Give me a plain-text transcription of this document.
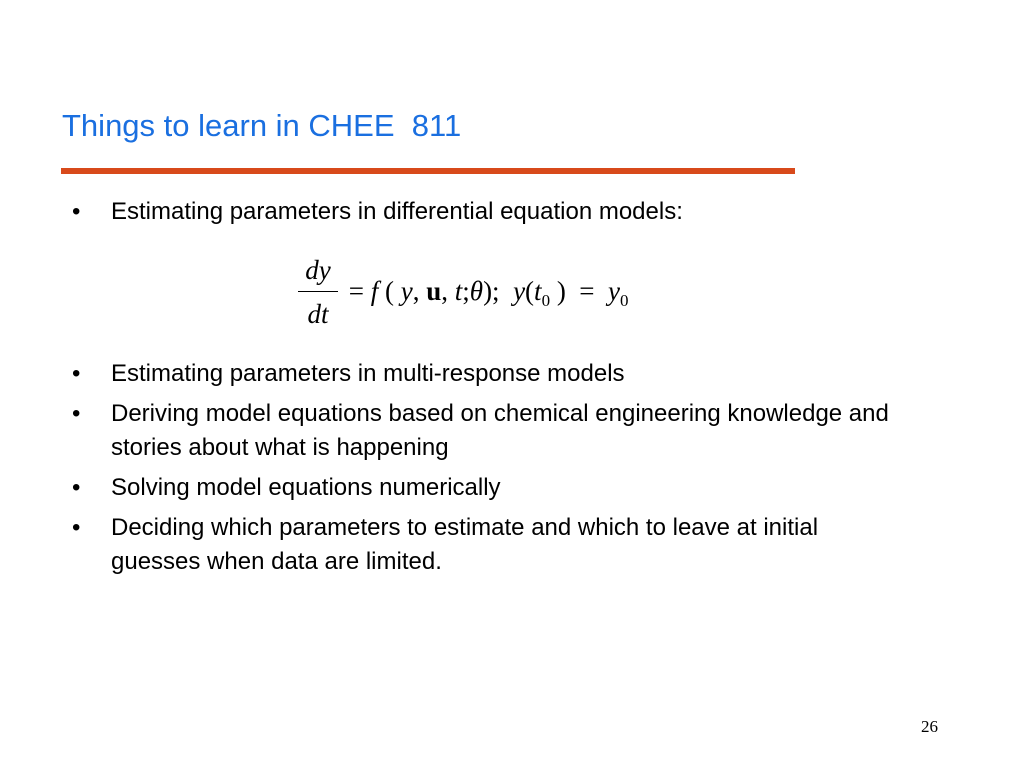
Things to learn in CHEE  811
•	Estimating parameters in differential equation models:
dy
dt
= f ( y, u, t;θ);  $y(t_0$ )  =  $y_0$
•	Estimating parameters in multi-response models
•	Deriving model equations based on chemical engineering knowledge and stories about what is happening
•	Solving model equations numerically
•	Deciding which parameters to estimate and which to leave at initial guesses when data are limited.
26
